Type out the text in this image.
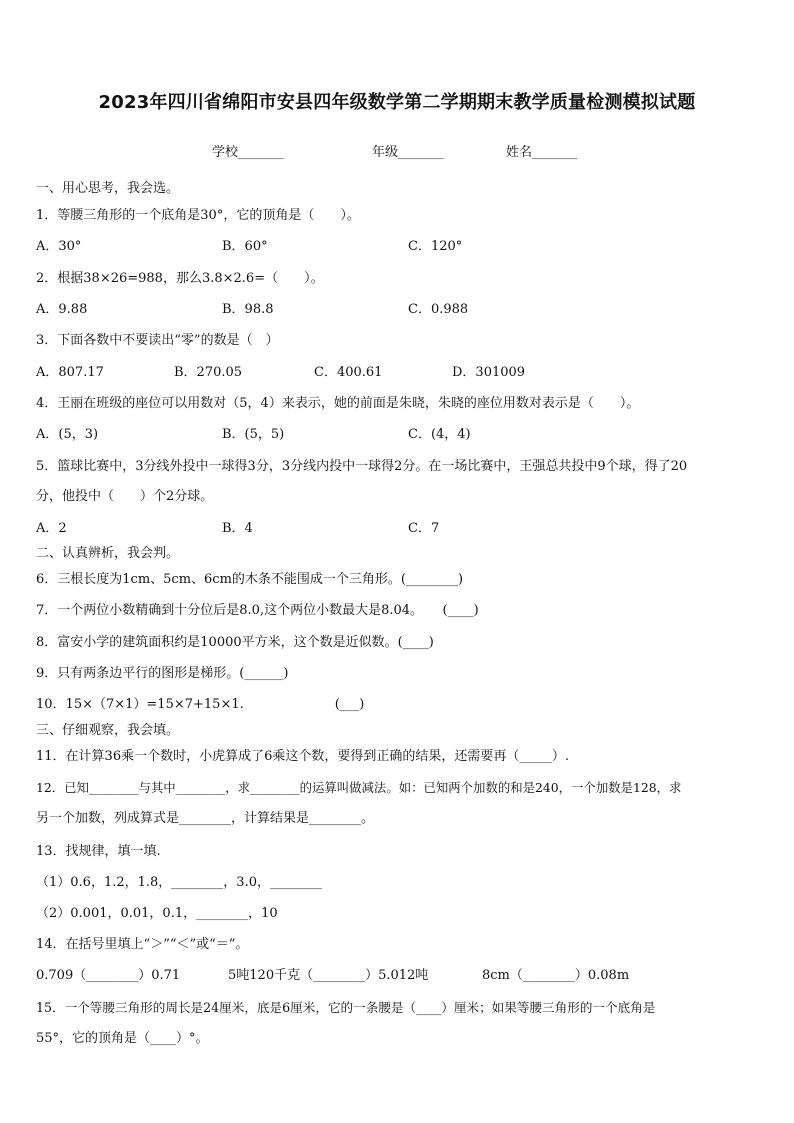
2023年四川省绵阳市安县四年级数学第二学期期末教学质量检测模拟试题
学校_______	年级_______	姓名_______
一、用心思考，我会选。
1．等腰三角形的一个底角是30°，它的顶角是（　　）。
A．30°	B．60°	C．120°
2．根据38×26=988，那么3.8×2.6=（　　）。
A．9.88	B．98.8	C．0.988
3．下面各数中不要读出“零”的数是（　）
A．807.17	B．270.05	C．400.61	D．301009
4．王丽在班级的座位可以用数对（5，4）来表示，她的前面是朱晓，朱晓的座位用数对表示是（　　）。
A．(5，3)	B．(5，5)	C．(4，4)
5．篮球比赛中，3分线外投中一球得3分，3分线内投中一球得2分。在一场比赛中，王强总共投中9个球，得了20
分，他投中（　　）个2分球。
A．2	B．4	C．7
二、认真辨析，我会判。
6．三根长度为1cm、5cm、6cm的木条不能围成一个三角形。(________)
7．一个两位小数精确到十分位后是8.0,这个两位小数最大是8.04。　　(____)
8．富安小学的建筑面积约是10000平方米，这个数是近似数。(____)
9．只有两条边平行的图形是梯形。(______)
10．15×（7×1）=15×7+15×1.　　　　　　　(___)
三、仔细观察，我会填。
11．在计算36乘一个数时，小虎算成了6乘这个数，要得到正确的结果，还需要再（_____）.
12．已知________与其中________，求________的运算叫做减法。如：已知两个加数的和是240，一个加数是128，求
另一个加数，列成算式是________，计算结果是________。
13．找规律，填一填.
（1）0.6，1.2，1.8，________，3.0，________
（2）0.001，0.01，0.1，________，10
14．在括号里填上“＞”“＜”或“＝”。
0.709（________）0.71	5吨120千克（________）5.012吨	8cm（________）0.08m
15．一个等腰三角形的周长是24厘米，底是6厘米，它的一条腰是（____）厘米；如果等腰三角形的一个底角是
55°，它的顶角是（____）°。
